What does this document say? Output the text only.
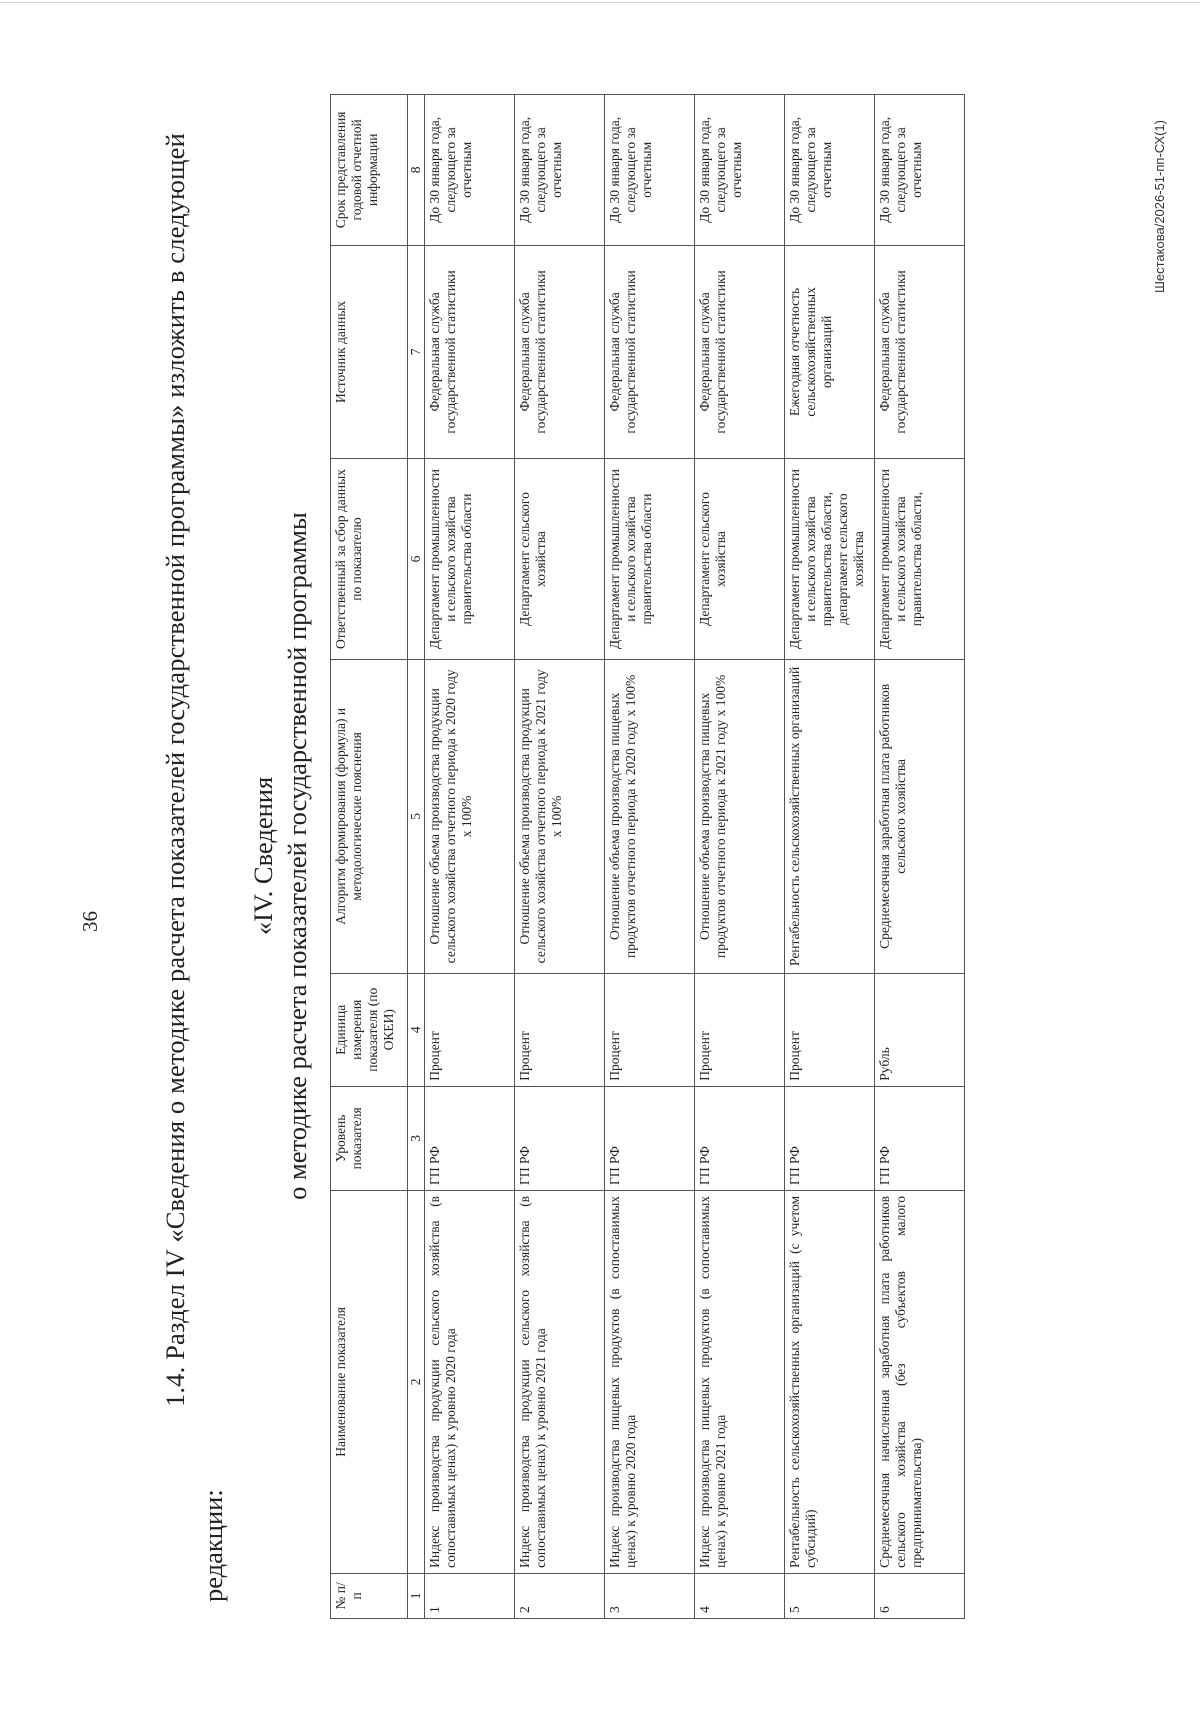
36 1.4. Раздел IV «Сведения о методике расчета показателей государственной программы» изложить в следующей
редакции:
«IV. Сведения о методике расчета показателей государственной программы
№ п/п	Наименование показателя	Уровень показателя	Единица измерения показателя (по ОКЕИ)	Алгоритм формирования (формула) и методологические пояснения	Ответственный за сбор данных по показателю	Источник данных	Срок представления годовой отчетной информации
1	2	3	4	5	6	7	8
1	Индекс производства продукции сельского хозяйства (в сопоставимых ценах) к уровню 2020 года	ГП РФ	Процент	Отношение объема производства продукции сельского хозяйства отчетного периода к 2020 году х 100%	Департамент промышленности и сельского хозяйства правительства области	Федеральная служба государственной статистики	До 30 января года, следующего за отчетным
2	Индекс производства продукции сельского хозяйства (в сопоставимых ценах) к уровню 2021 года	ГП РФ	Процент	Отношение объема производства продукции сельского хозяйства отчетного периода к 2021 году х 100%	Департамент сельского хозяйства	Федеральная служба государственной статистики	До 30 января года, следующего за отчетным
3	Индекс производства пищевых продуктов (в сопоставимых ценах) к уровню 2020 года	ГП РФ	Процент	Отношение объема производства пищевых продуктов отчетного периода к 2020 году х 100%	Департамент промышленности и сельского хозяйства правительства области	Федеральная служба государственной статистики	До 30 января года, следующего за отчетным
4	Индекс производства пищевых продуктов (в сопоставимых ценах) к уровню 2021 года	ГП РФ	Процент	Отношение объема производства пищевых продуктов отчетного периода к 2021 году х 100%	Департамент сельского хозяйства	Федеральная служба государственной статистики	До 30 января года, следующего за отчетным
5	Рентабельность сельскохозяйственных организаций (с учетом субсидий)	ГП РФ	Процент	Рентабельность сельскохозяйственных организаций	Департамент промышленности и сельского хозяйства правительства области, департамент сельского хозяйства	Ежегодная отчетность сельскохозяйственных организаций	До 30 января года, следующего за отчетным
6	Среднемесячная начисленная заработная плата работников сельского хозяйства (без субъектов малого предпринимательства)	ГП РФ	Рубль	Среднемесячная заработная плата работников сельского хозяйства	Департамент промышленности и сельского хозяйства правительства области,	Федеральная служба государственной статистики	До 30 января года, следующего за отчетным	Шестакова/2026-51-пп-СХ(1)
